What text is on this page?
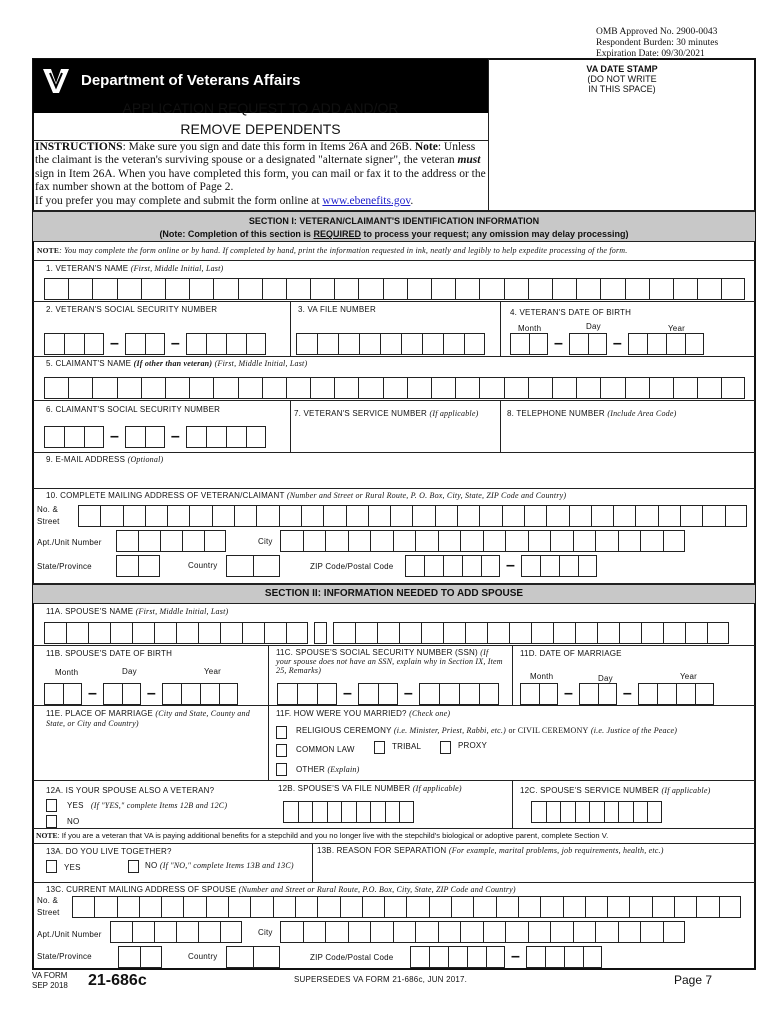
OMB Approved No. 2900-0043
Respondent Burden: 30 minutes
Expiration Date: 09/30/2021
Department of Veterans Affairs
VA DATE STAMP
(DO NOT WRITE
IN THIS SPACE)
APPLICATION REQUEST TO ADD AND/OR
REMOVE DEPENDENTS
INSTRUCTIONS: Make sure you sign and date this form in Items 26A and 26B. Note: Unless the claimant is the veteran's surviving spouse or a designated "alternate signer", the veteran must sign in Item 26A. When you have completed this form, you can mail or fax it to the address or the fax number shown at the bottom of Page 2.
If you prefer you may complete and submit the form online at www.ebenefits.gov.
SECTION I: VETERAN/CLAIMANT'S IDENTIFICATION INFORMATION
(Note: Completion of this section is REQUIRED to process your request; any omission may delay processing)
NOTE: You may complete the form online or by hand. If completed by hand, print the information requested in ink, neatly and legibly to help expedite processing of the form.
1. VETERAN'S NAME (First, Middle Initial, Last)
2. VETERAN'S SOCIAL SECURITY NUMBER	3. VA FILE NUMBER	4. VETERAN'S DATE OF BIRTH
Month	Day	Year
–	–	–	–
5. CLAIMANT'S NAME (If other than veteran) (First, Middle Initial, Last)
6. CLAIMANT'S SOCIAL SECURITY NUMBER	7. VETERAN'S SERVICE NUMBER (If applicable)	8. TELEPHONE NUMBER (Include Area Code)
–	–
9. E-MAIL ADDRESS (Optional)
10. COMPLETE MAILING ADDRESS OF VETERAN/CLAIMANT (Number and Street or Rural Route, P. O. Box, City, State, ZIP Code and Country)
No. &
Street
Apt./Unit Number	City
State/Province	Country	ZIP Code/Postal Code	–
SECTION II: INFORMATION NEEDED TO ADD SPOUSE
11A. SPOUSE'S NAME (First, Middle Initial, Last)
11B. SPOUSE'S DATE OF BIRTH
Month	Day	Year
–	–
11C. SPOUSE'S SOCIAL SECURITY NUMBER (SSN) (If your spouse does not have an SSN, explain why in Section IX, Item 25, Remarks)
–	–
11D. DATE OF MARRIAGE
Month	Day	Year
–	–
11E. PLACE OF MARRIAGE (City and State, County and State, or City and Country)
11F. HOW WERE YOU MARRIED? (Check one)
RELIGIOUS CEREMONY (i.e. Minister, Priest, Rabbi, etc.) or CIVIL CEREMONY (i.e. Justice of the Peace)
COMMON LAW	TRIBAL	PROXY
OTHER (Explain)
12A. IS YOUR SPOUSE ALSO A VETERAN?
YES (If "YES," complete Items 12B and 12C)
NO
12B. SPOUSE'S VA FILE NUMBER (If applicable)	12C. SPOUSE'S SERVICE NUMBER (If applicable)
NOTE: If you are a veteran that VA is paying additional benefits for a stepchild and you no longer live with the stepchild's biological or adoptive parent, complete Section V.
13A. DO YOU LIVE TOGETHER?
YES	NO (If "NO," complete Items 13B and 13C)
13B. REASON FOR SEPARATION (For example, marital problems, job requirements, health, etc.)
13C. CURRENT MAILING ADDRESS OF SPOUSE (Number and Street or Rural Route, P.O. Box, City, State, ZIP Code and Country)
No. &
Street
Apt./Unit Number	City
State/Province	Country	ZIP Code/Postal Code	–
VA FORM
SEP 2018 21-686c	SUPERSEDES VA FORM 21-686c, JUN 2017.	Page 7
